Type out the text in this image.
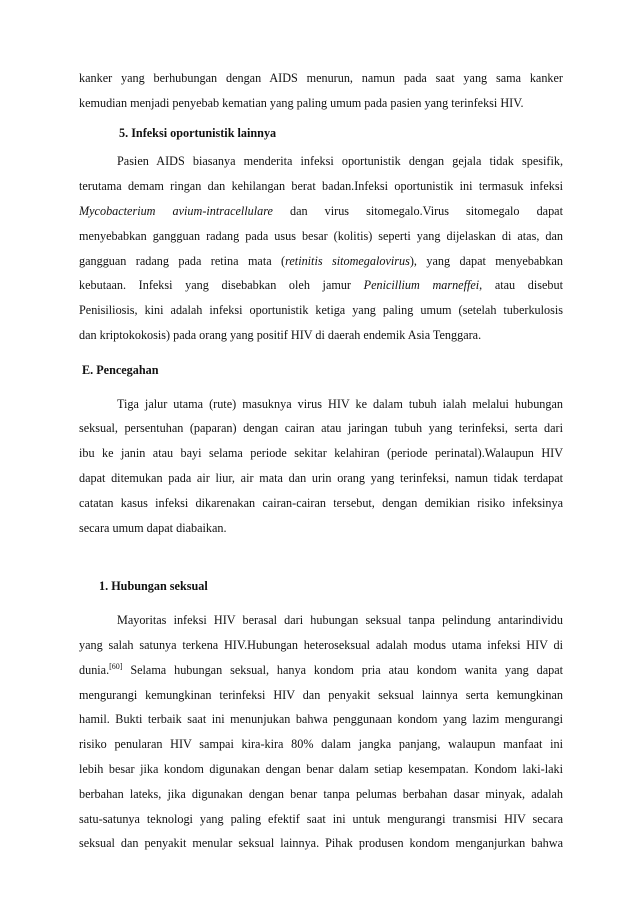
kanker yang berhubungan dengan AIDS menurun, namun pada saat yang sama kanker
kemudian menjadi penyebab kematian yang paling umum pada pasien yang terinfeksi HIV.
5. Infeksi oportunistik lainnya
Pasien AIDS biasanya menderita infeksi oportunistik dengan gejala tidak spesifik,
terutama demam ringan dan kehilangan berat badan.Infeksi oportunistik ini termasuk infeksi
Mycobacterium avium-intracellulare dan virus sitomegalo.Virus sitomegalo dapat
menyebabkan gangguan radang pada usus besar (kolitis) seperti yang dijelaskan di atas, dan
gangguan radang pada retina mata (retinitis sitomegalovirus), yang dapat menyebabkan
kebutaan. Infeksi yang disebabkan oleh jamur Penicillium marneffei, atau disebut
Penisiliosis, kini adalah infeksi oportunistik ketiga yang paling umum (setelah tuberkulosis
dan kriptokokosis) pada orang yang positif HIV di daerah endemik Asia Tenggara.
E. Pencegahan
Tiga jalur utama (rute) masuknya virus HIV ke dalam tubuh ialah melalui hubungan
seksual, persentuhan (paparan) dengan cairan atau jaringan tubuh yang terinfeksi, serta dari
ibu ke janin atau bayi selama periode sekitar kelahiran (periode perinatal).Walaupun HIV
dapat ditemukan pada air liur, air mata dan urin orang yang terinfeksi, namun tidak terdapat
catatan kasus infeksi dikarenakan cairan-cairan tersebut, dengan demikian risiko infeksinya
secara umum dapat diabaikan.
1. Hubungan seksual
Mayoritas infeksi HIV berasal dari hubungan seksual tanpa pelindung antarindividu
yang salah satunya terkena HIV.Hubungan heteroseksual adalah modus utama infeksi HIV di
dunia.[60] Selama hubungan seksual, hanya kondom pria atau kondom wanita yang dapat
mengurangi kemungkinan terinfeksi HIV dan penyakit seksual lainnya serta kemungkinan
hamil. Bukti terbaik saat ini menunjukan bahwa penggunaan kondom yang lazim mengurangi
risiko penularan HIV sampai kira-kira 80% dalam jangka panjang, walaupun manfaat ini
lebih besar jika kondom digunakan dengan benar dalam setiap kesempatan. Kondom laki-laki
berbahan lateks, jika digunakan dengan benar tanpa pelumas berbahan dasar minyak, adalah
satu-satunya teknologi yang paling efektif saat ini untuk mengurangi transmisi HIV secara
seksual dan penyakit menular seksual lainnya. Pihak produsen kondom menganjurkan bahwa
